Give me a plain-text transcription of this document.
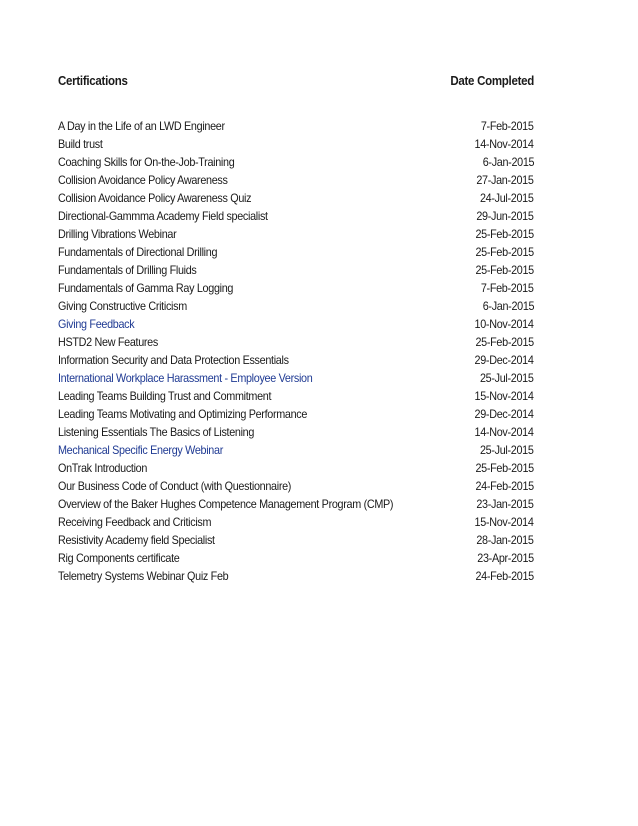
Certifications	Date Completed
A Day in the Life of an LWD Engineer	7-Feb-2015
Build trust	14-Nov-2014
Coaching Skills for On-the-Job-Training	6-Jan-2015
Collision Avoidance Policy Awareness	27-Jan-2015
Collision Avoidance Policy Awareness Quiz	24-Jul-2015
Directional-Gammma Academy Field specialist	29-Jun-2015
Drilling Vibrations Webinar	25-Feb-2015
Fundamentals of Directional Drilling	25-Feb-2015
Fundamentals of Drilling Fluids	25-Feb-2015
Fundamentals of Gamma Ray Logging	7-Feb-2015
Giving Constructive Criticism	6-Jan-2015
Giving Feedback	10-Nov-2014
HSTD2 New Features	25-Feb-2015
Information Security and Data Protection Essentials	29-Dec-2014
International Workplace Harassment - Employee Version	25-Jul-2015
Leading Teams Building Trust and Commitment	15-Nov-2014
Leading Teams Motivating and Optimizing Performance	29-Dec-2014
Listening Essentials The Basics of Listening	14-Nov-2014
Mechanical Specific Energy Webinar	25-Jul-2015
OnTrak Introduction	25-Feb-2015
Our Business Code of Conduct (with Questionnaire)	24-Feb-2015
Overview of the Baker Hughes Competence Management Program (CMP)	23-Jan-2015
Receiving Feedback and Criticism	15-Nov-2014
Resistivity Academy field Specialist	28-Jan-2015
Rig Components certificate	23-Apr-2015
Telemetry Systems Webinar Quiz Feb	24-Feb-2015
